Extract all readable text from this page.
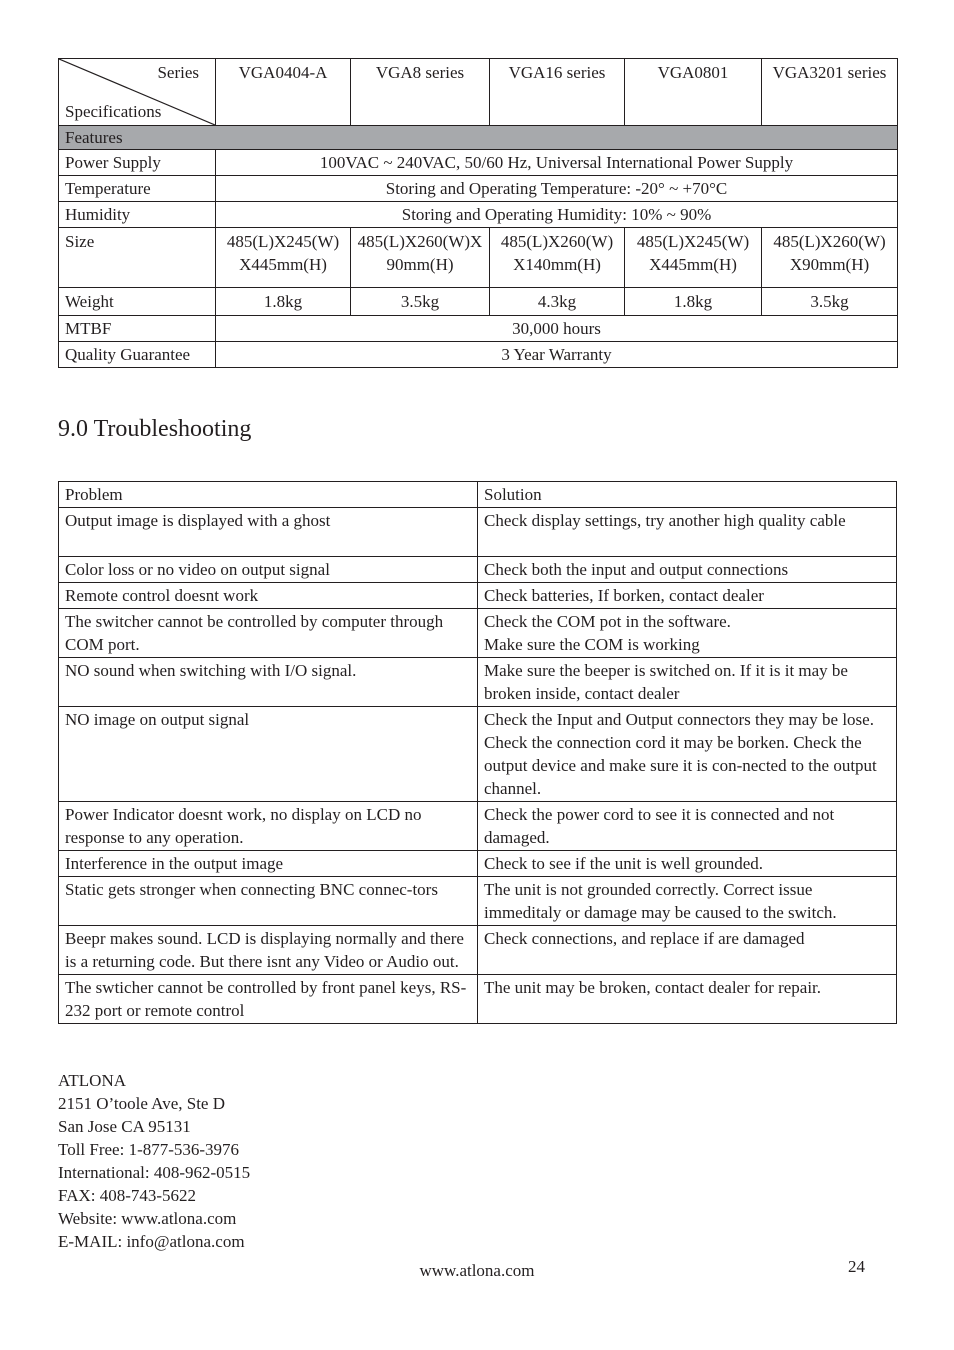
Series
Specifications	VGA0404-A	VGA8 series	VGA16 series	VGA0801	VGA3201 series
Features					
Power Supply	100VAC ~ 240VAC, 50/60 Hz, Universal International Power Supply				
Temperature	Storing and Operating Temperature: -20° ~ +70°C				
Humidity	Storing and Operating Humidity: 10% ~ 90%				
Size	485(L)X245(W)X445mm(H)	485(L)X260(W)X90mm(H)	485(L)X260(W)X140mm(H)	485(L)X245(W)X445mm(H)	485(L)X260(W)X90mm(H)
Weight	1.8kg	3.5kg	4.3kg	1.8kg	3.5kg
MTBF	30,000 hours				
Quality Guarantee	3 Year Warranty				
9.0 Troubleshooting
Problem	Solution
Output image is displayed with a ghost	Check display settings, try another high quality cable
Color loss or no video on output signal	Check both the input and output connections
Remote control doesnt work	Check batteries, If borken, contact dealer
The switcher cannot be controlled by computer through COM port.	Check the COM pot in the software.
Make sure the COM is working

NO sound when switching with I/O signal.	Make sure the beeper is switched on. If it is it may be broken inside, contact dealer
NO image on output signal	Check the Input and Output connectors they may be lose. Check the connection cord it may be borken. Check the output device and make sure it is con-nected to the output channel.
Power Indicator doesnt work, no display on LCD no response to any operation.	Check the power cord to see it is connected and not damaged.
Interference in the output image	Check to see if the unit is well grounded.
Static gets stronger when connecting BNC connec-tors	The unit is not grounded correctly. Correct issue immeditaly or damage may be caused to the switch.
Beepr makes sound. LCD is displaying normally and there is a returning code. But there isnt any Video or Audio out.	Check connections, and replace if are damaged
The swticher cannot be controlled by front panel keys, RS-232 port or remote control	The unit may be broken, contact dealer for repair.
ATLONA
2151 O’toole Ave, Ste D
San Jose CA 95131
Toll Free: 1-877-536-3976
International: 408-962-0515
FAX: 408-743-5622
Website: www.atlona.com
E-MAIL: info@atlona.com
www.atlona.com	24
